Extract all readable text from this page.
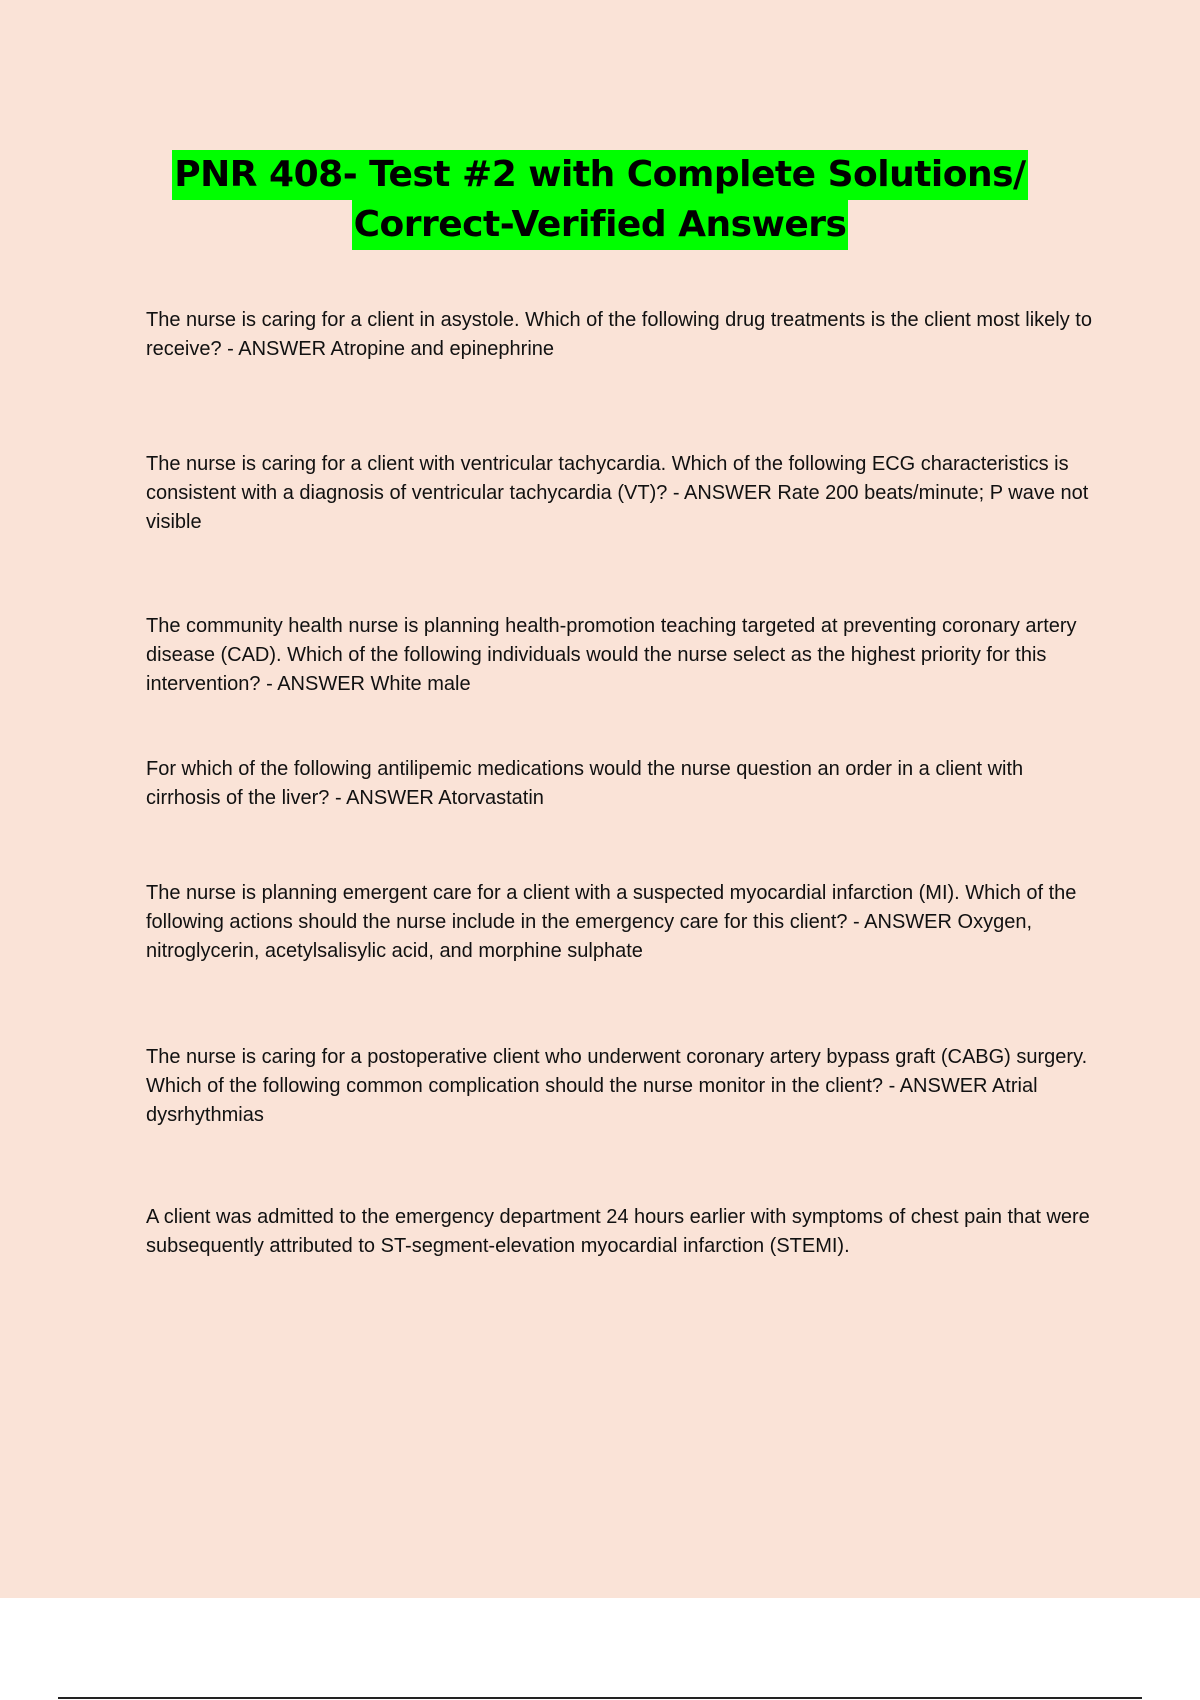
PNR 408- Test #2 with Complete Solutions/
Correct-Verified Answers

The nurse is caring for a client in asystole. Which of the following drug treatments is the client most likely to receive? - ANSWER Atropine and epinephrine

The nurse is caring for a client with ventricular tachycardia. Which of the following ECG characteristics is consistent with a diagnosis of ventricular tachycardia (VT)? - ANSWER Rate 200 beats/minute; P wave not visible

The community health nurse is planning health-promotion teaching targeted at preventing coronary artery disease (CAD). Which of the following individuals would the nurse select as the highest priority for this intervention? - ANSWER White male

For which of the following antilipemic medications would the nurse question an order in a client with cirrhosis of the liver? - ANSWER Atorvastatin

The nurse is planning emergent care for a client with a suspected myocardial infarction (MI). Which of the following actions should the nurse include in the emergency care for this client? - ANSWER Oxygen, nitroglycerin, acetylsalisylic acid, and morphine sulphate

The nurse is caring for a postoperative client who underwent coronary artery bypass graft (CABG) surgery. Which of the following common complication should the nurse monitor in the client? - ANSWER Atrial dysrhythmias

A client was admitted to the emergency department 24 hours earlier with symptoms of chest pain that were subsequently attributed to ST-segment-elevation myocardial infarction (STEMI).
